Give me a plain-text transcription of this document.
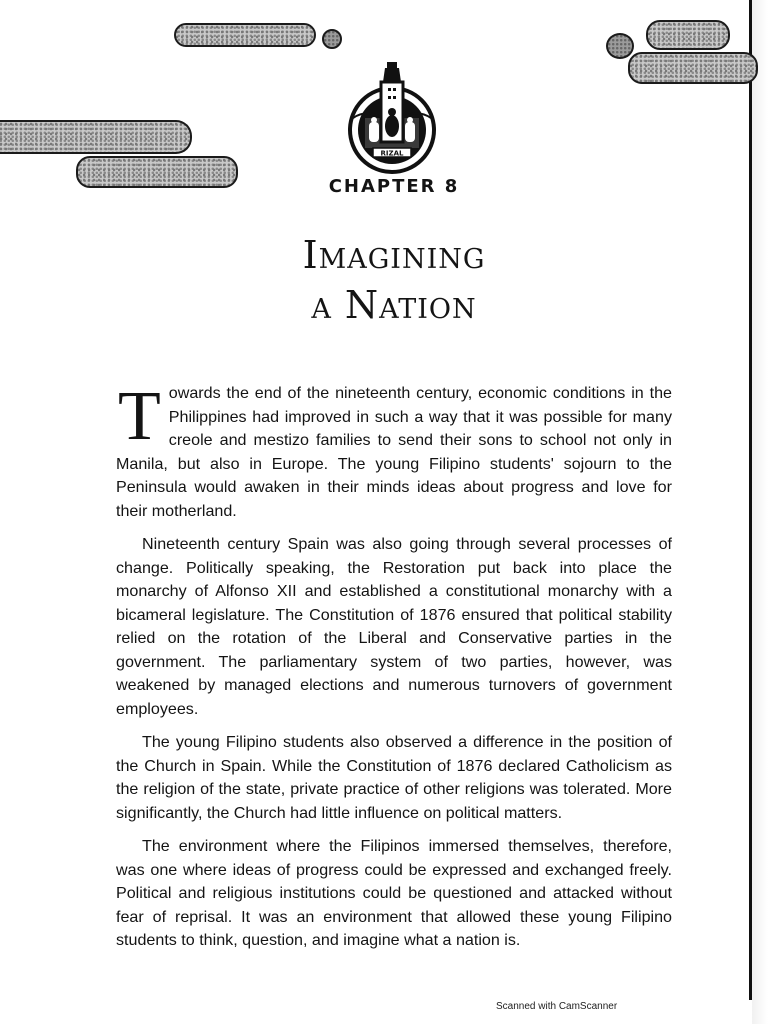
RIZAL
CHAPTER 8
Imagining
a Nation

T owards the end of the nineteenth century, economic conditions in the Philippines had improved in such a way that it was possible for many creole and mestizo families to send their sons to school not only in Manila, but also in Europe. The young Filipino students' sojourn to the Peninsula would awaken in their minds ideas about progress and love for their motherland.

Nineteenth century Spain was also going through several processes of change. Politically speaking, the Restoration put back into place the monarchy of Alfonso XII and established a constitutional monarchy with a bicameral legislature. The Constitution of 1876 ensured that political stability relied on the rotation of the Liberal and Conservative parties in the government. The parliamentary system of two parties, however, was weakened by managed elections and numerous turnovers of government employees.

The young Filipino students also observed a difference in the position of the Church in Spain. While the Constitution of 1876 declared Catholicism as the religion of the state, private practice of other religions was tolerated. More significantly, the Church had little influence on political matters.

The environment where the Filipinos immersed themselves, therefore, was one where ideas of progress could be expressed and exchanged freely. Political and religious institutions could be questioned and attacked without fear of reprisal. It was an environment that allowed these young Filipino students to think, question, and imagine what a nation is.

Scanned with CamScanner
